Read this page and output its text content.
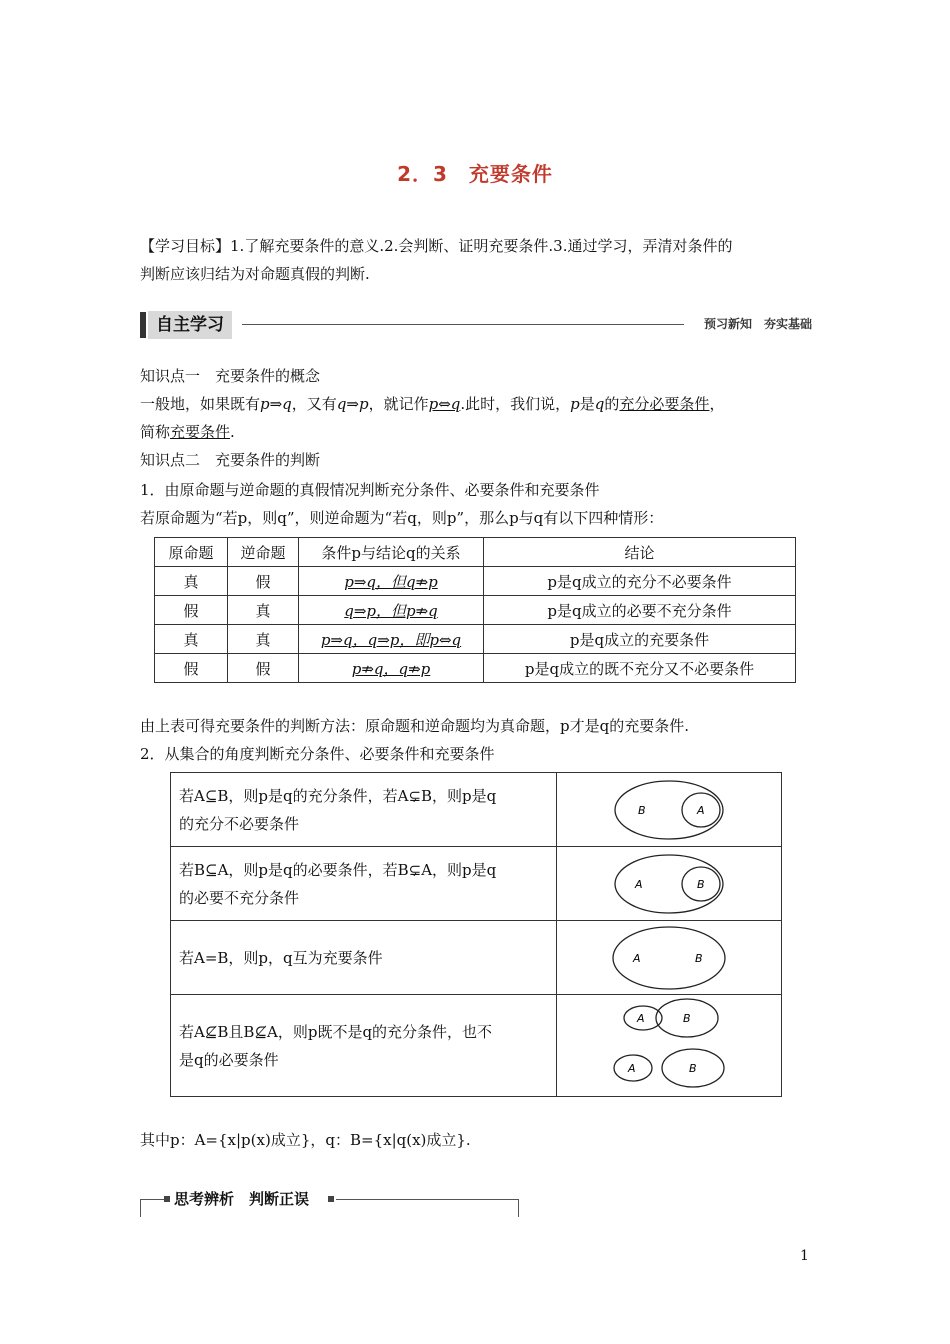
2．3　充要条件
【学习目标】1.了解充要条件的意义.2.会判断、证明充要条件.3.通过学习，弄清对条件的
判断应该归结为对命题真假的判断.
自主学习	预习新知　夯实基础
知识点一　充要条件的概念
一般地，如果既有p⇒q，又有q⇒p，就记作p⇔q.此时，我们说，p是q的充分必要条件，
简称充要条件.
知识点二　充要条件的判断
1．由原命题与逆命题的真假情况判断充分条件、必要条件和充要条件
若原命题为“若p，则q”，则逆命题为“若q，则p”，那么p与q有以下四种情形：
原命题	逆命题	条件p与结论q的关系	结论
真	假	p⇒q，但q⇏p	p是q成立的充分不必要条件
假	真	q⇒p，但p⇏q	p是q成立的必要不充分条件
真	真	p⇒q，q⇒p，即p⇔q	p是q成立的充要条件
假	假	p⇏q，q⇏p	p是q成立的既不充分又不必要条件
由上表可得充要条件的判断方法：原命题和逆命题均为真命题，p才是q的充要条件.
2．从集合的角度判断充分条件、必要条件和充要条件
若A⊆B，则p是q的充分条件，若A⊊B，则p是q
的充分不必要条件	B A

若B⊆A，则p是q的必要条件，若B⊊A，则p是q
的必要不充分条件	A B

若A=B，则p，q互为充要条件	A B

若A⊈B且B⊈A，则p既不是q的充分条件，也不
是q的必要条件	A B
A B
其中p：A={x|p(x)成立}，q：B={x|q(x)成立}.
思考辨析　判断正误
1
